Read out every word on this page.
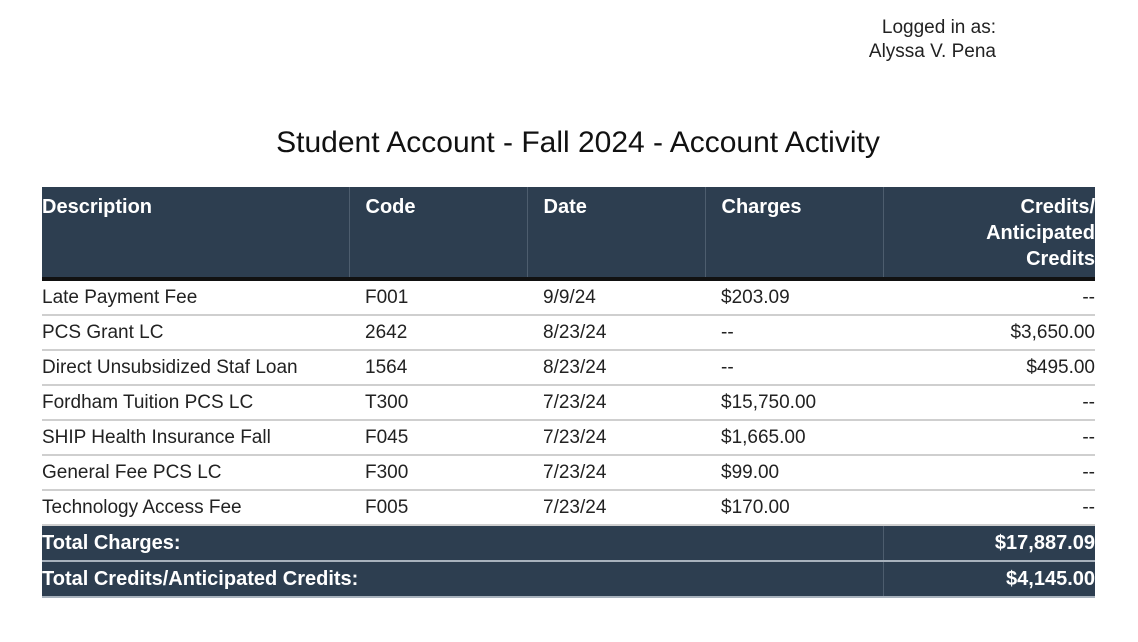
Logged in as:
Alyssa V. Pena
Student Account - Fall 2024 - Account Activity
Description	Code	Date	Charges	Credits/
Anticipated
Credits

Late Payment Fee	F001	9/9/24	$203.09	--
PCS Grant LC	2642	8/23/24	--	$3,650.00
Direct Unsubsidized Staf Loan	1564	8/23/24	--	$495.00
Fordham Tuition PCS LC	T300	7/23/24	$15,750.00	--
SHIP Health Insurance Fall	F045	7/23/24	$1,665.00	--
General Fee PCS LC	F300	7/23/24	$99.00	--
Technology Access Fee	F005	7/23/24	$170.00	--
Total Charges:				$17,887.09
Total Credits/Anticipated Credits:				$4,145.00
